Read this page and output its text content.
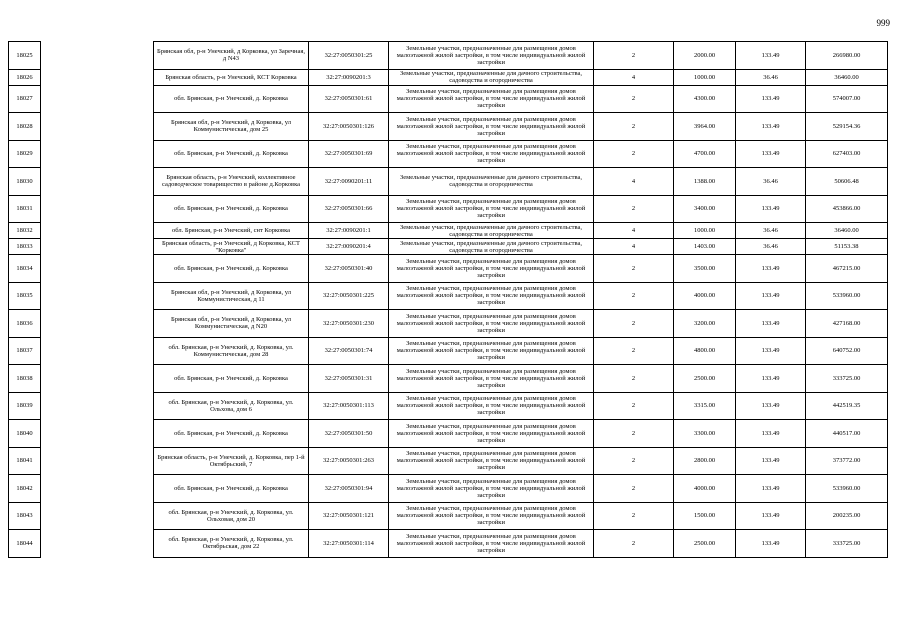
999
18025		Брянская обл, р-н Унечский, д Корковка, ул Заречная, д N43	32:27:0050301:25	Земельные участки, предназначенные для размещения домов малоэтажной жилой застройки, в том числе индивидуальной жилой застройки	2	2000.00	133.49	266980.00
18026		Брянская область, р-н Унечский, КСТ Корковка	32:27:0090201:3	Земельные участки, предназначенные для дачного строительства, садоводства и огородничества	4	1000.00	36.46	36460.00
18027		обл. Брянская, р-н Унечский, д. Корковка	32:27:0050301:61	Земельные участки, предназначенные для размещения домов малоэтажной жилой застройки, в том числе индивидуальной жилой застройки	2	4300.00	133.49	574007.00
18028		Брянская обл, р-н Унечский, д Корковка, ул Коммунистическая, дом 25	32:27:0050301:126	Земельные участки, предназначенные для размещения домов малоэтажной жилой застройки, в том числе индивидуальной жилой застройки	2	3964.00	133.49	529154.36
18029		обл. Брянская, р-н Унечский, д. Корковка	32:27:0050301:69	Земельные участки, предназначенные для размещения домов малоэтажной жилой застройки, в том числе индивидуальной жилой застройки	2	4700.00	133.49	627403.00
18030		Брянская область, р-н Унечский, коллективное садоводческое товарищество в районе д.Корковка	32:27:0090201:11	Земельные участки, предназначенные для дачного строительства, садоводства и огородничества	4	1388.00	36.46	50606.48
18031		обл. Брянская, р-н Унечский, д. Корковка	32:27:0050301:66	Земельные участки, предназначенные для размещения домов малоэтажной жилой застройки, в том числе индивидуальной жилой застройки	2	3400.00	133.49	453866.00
18032		обл. Брянская, р-н Унечский, снт Корковка	32:27:0090201:1	Земельные участки, предназначенные для дачного строительства, садоводства и огородничества	4	1000.00	36.46	36460.00
18033		Брянская область, р-н Унечский, д Корковка, КСТ "Корковка"	32:27:0090201:4	Земельные участки, предназначенные для дачного строительства, садоводства и огородничества	4	1403.00	36.46	51153.38
18034		обл. Брянская, р-н Унечский, д. Корковка	32:27:0050301:40	Земельные участки, предназначенные для размещения домов малоэтажной жилой застройки, в том числе индивидуальной жилой застройки	2	3500.00	133.49	467215.00
18035		Брянская обл, р-н Унечский, д Корковка, ул Коммунистическая, д 11	32:27:0050301:225	Земельные участки, предназначенные для размещения домов малоэтажной жилой застройки, в том числе индивидуальной жилой застройки	2	4000.00	133.49	533960.00
18036		Брянская обл, р-н Унечский, д Корковка, ул Коммунистическая, д N20	32:27:0050301:230	Земельные участки, предназначенные для размещения домов малоэтажной жилой застройки, в том числе индивидуальной жилой застройки	2	3200.00	133.49	427168.00
18037		обл. Брянская, р-н Унечский, д. Корковка, ул. Коммунистическая, дом 28	32:27:0050301:74	Земельные участки, предназначенные для размещения домов малоэтажной жилой застройки, в том числе индивидуальной жилой застройки	2	4800.00	133.49	640752.00
18038		обл. Брянская, р-н Унечский, д. Корковка	32:27:0050301:31	Земельные участки, предназначенные для размещения домов малоэтажной жилой застройки, в том числе индивидуальной жилой застройки	2	2500.00	133.49	333725.00
18039		обл. Брянская, р-н Унечский, д. Корковка, ул. Ольхова, дом 6	32:27:0050301:113	Земельные участки, предназначенные для размещения домов малоэтажной жилой застройки, в том числе индивидуальной жилой застройки	2	3315.00	133.49	442519.35
18040		обл. Брянская, р-н Унечский, д. Корковка	32:27:0050301:50	Земельные участки, предназначенные для размещения домов малоэтажной жилой застройки, в том числе индивидуальной жилой застройки	2	3300.00	133.49	440517.00
18041		Брянская область, р-н Унечский, д. Корковка, пер 1-й Октябрьский, 7	32:27:0050301:263	Земельные участки, предназначенные для размещения домов малоэтажной жилой застройки, в том числе индивидуальной жилой застройки	2	2800.00	133.49	373772.00
18042		обл. Брянская, р-н Унечский, д. Корковка	32:27:0050301:94	Земельные участки, предназначенные для размещения домов малоэтажной жилой застройки, в том числе индивидуальной жилой застройки	2	4000.00	133.49	533960.00
18043		обл. Брянская, р-н Унечский, д. Корковка, ул. Ольховая, дом 20	32:27:0050301:121	Земельные участки, предназначенные для размещения домов малоэтажной жилой застройки, в том числе индивидуальной жилой застройки	2	1500.00	133.49	200235.00
18044		обл. Брянская, р-н Унечский, д. Корковка, ул. Октябрьская, дом 22	32:27:0050301:114	Земельные участки, предназначенные для размещения домов малоэтажной жилой застройки, в том числе индивидуальной жилой застройки	2	2500.00	133.49	333725.00
